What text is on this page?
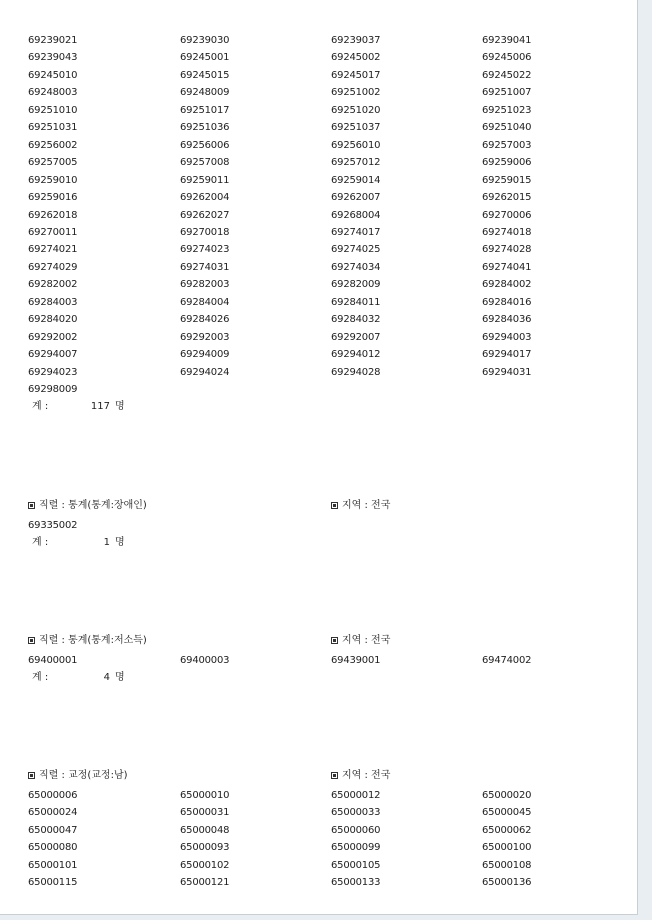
69239021	69239030	69239037	69239041
69239043	69245001	69245002	69245006
69245010	69245015	69245017	69245022
69248003	69248009	69251002	69251007
69251010	69251017	69251020	69251023
69251031	69251036	69251037	69251040
69256002	69256006	69256010	69257003
69257005	69257008	69257012	69259006
69259010	69259011	69259014	69259015
69259016	69262004	69262007	69262015
69262018	69262027	69268004	69270006
69270011	69270018	69274017	69274018
69274021	69274023	69274025	69274028
69274029	69274031	69274034	69274041
69282002	69282003	69282009	69284002
69284003	69284004	69284011	69284016
69284020	69284026	69284032	69284036
69292002	69292003	69292007	69294003
69294007	69294009	69294012	69294017
69294023	69294024	69294028	69294031
69298009
계 :	117 명
직렬 : 통계(통계:장애인)	지역 : 전국
69335002
계 :	1 명
직렬 : 통계(통계:저소득)	지역 : 전국
69400001	69400003	69439001	69474002
계 :	4 명
직렬 : 교정(교정:남)	지역 : 전국
65000006	65000010	65000012	65000020
65000024	65000031	65000033	65000045
65000047	65000048	65000060	65000062
65000080	65000093	65000099	65000100
65000101	65000102	65000105	65000108
65000115	65000121	65000133	65000136
